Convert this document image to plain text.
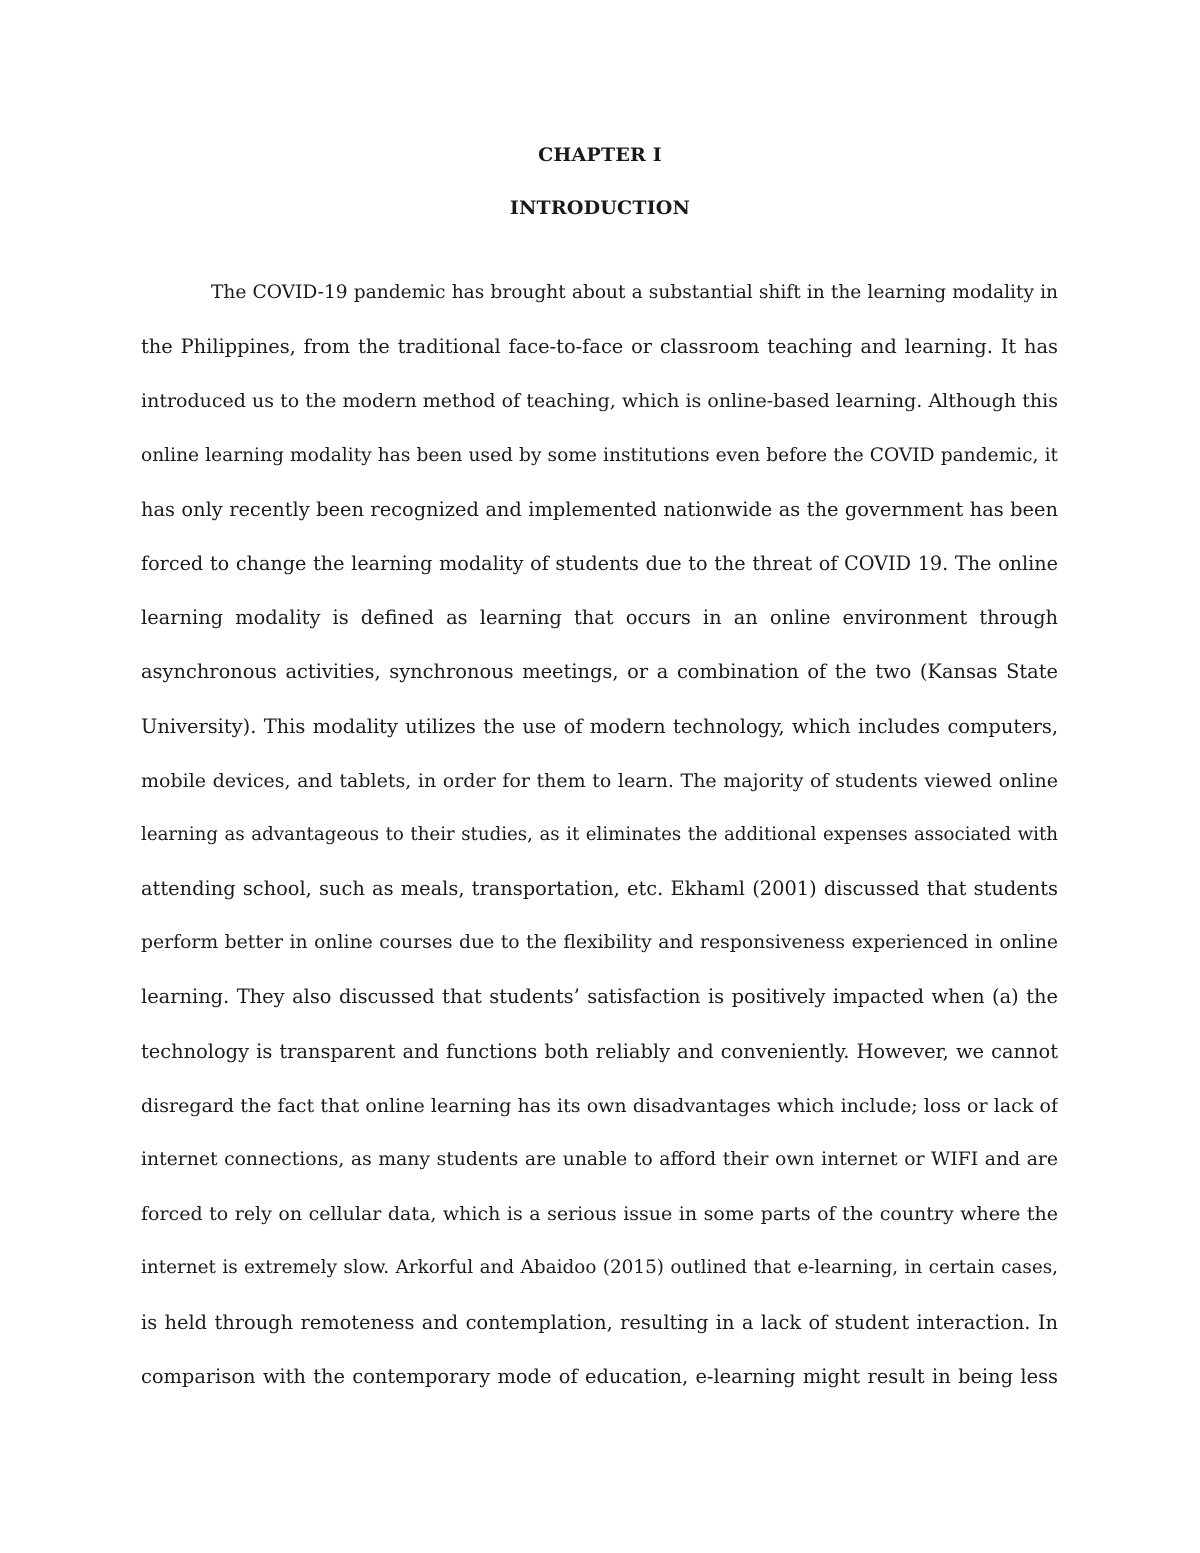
CHAPTER I
INTRODUCTION
The COVID-19 pandemic has brought about a substantial shift in the learning modality in
the Philippines, from the traditional face-to-face or classroom teaching and learning. It has
introduced us to the modern method of teaching, which is online-based learning. Although this
online learning modality has been used by some institutions even before the COVID pandemic, it
has only recently been recognized and implemented nationwide as the government has been
forced to change the learning modality of students due to the threat of COVID 19. The online
learning modality is defined as learning that occurs in an online environment through
asynchronous activities, synchronous meetings, or a combination of the two (Kansas State
University). This modality utilizes the use of modern technology, which includes computers,
mobile devices, and tablets, in order for them to learn. The majority of students viewed online
learning as advantageous to their studies, as it eliminates the additional expenses associated with
attending school, such as meals, transportation, etc. Ekhaml (2001) discussed that students
perform better in online courses due to the flexibility and responsiveness experienced in online
learning. They also discussed that students’ satisfaction is positively impacted when (a) the
technology is transparent and functions both reliably and conveniently. However, we cannot
disregard the fact that online learning has its own disadvantages which include; loss or lack of
internet connections, as many students are unable to afford their own internet or WIFI and are
forced to rely on cellular data, which is a serious issue in some parts of the country where the
internet is extremely slow. Arkorful and Abaidoo (2015) outlined that e-learning, in certain cases,
is held through remoteness and contemplation, resulting in a lack of student interaction. In
comparison with the contemporary mode of education, e-learning might result in being less
